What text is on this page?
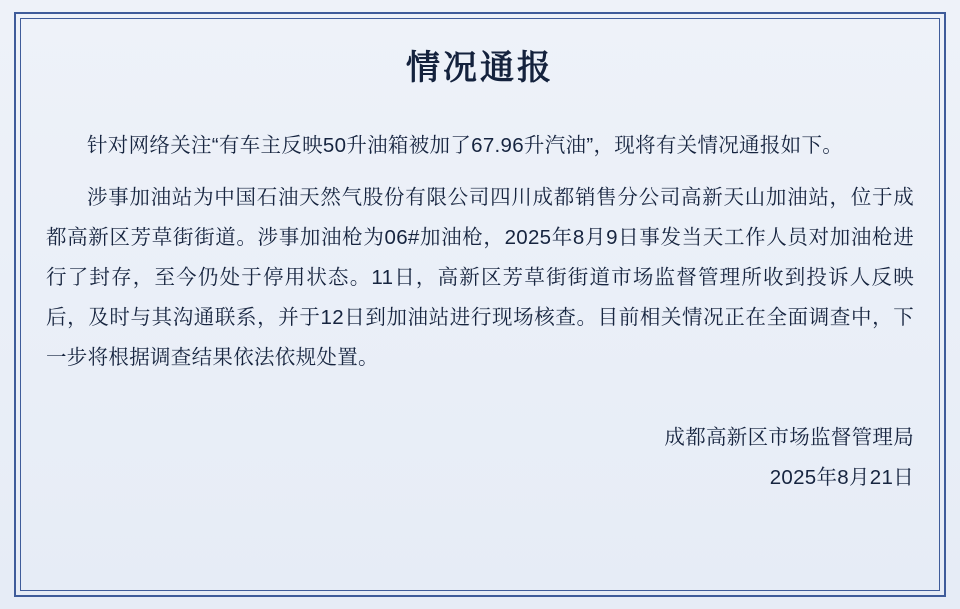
情况通报

针对网络关注“有车主反映50升油箱被加了67.96升汽油”，现将有关情况通报如下。

涉事加油站为中国石油天然气股份有限公司四川成都销售分公司高新天山加油站，位于成都高新区芳草街街道。涉事加油枪为06#加油枪，2025年8月9日事发当天工作人员对加油枪进行了封存，至今仍处于停用状态。11日，高新区芳草街街道市场监督管理所收到投诉人反映后，及时与其沟通联系，并于12日到加油站进行现场核查。目前相关情况正在全面调查中，下一步将根据调查结果依法依规处置。

成都高新区市场监督管理局
2025年8月21日
